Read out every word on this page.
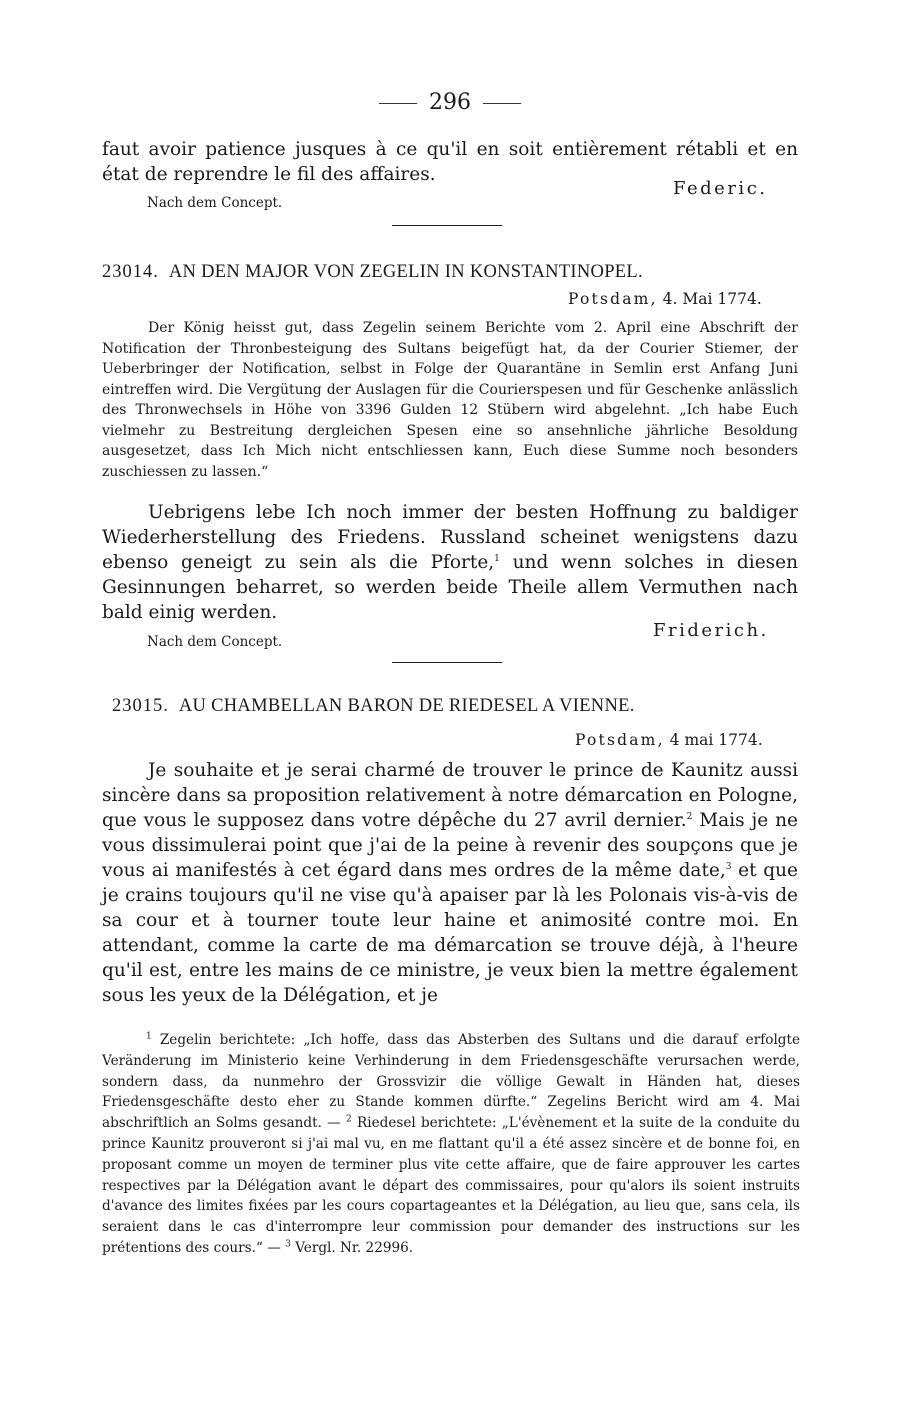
296

faut avoir patience jusques à ce qu'il en soit entièrement rétabli et en état de reprendre le fil des affaires.

Federic.
Nach dem Concept.
23014. AN DEN MAJOR VON ZEGELIN IN KONSTANTINOPEL.
Potsdam, 4. Mai 1774.
Der König heisst gut, dass Zegelin seinem Berichte vom 2. April eine Abschrift der Notification der Thronbesteigung des Sultans beigefügt hat, da der Courier Stiemer, der Ueberbringer der Notification, selbst in Folge der Quarantäne in Semlin erst Anfang Juni eintreffen wird. Die Vergütung der Auslagen für die Courierspesen und für Geschenke anlässlich des Thronwechsels in Höhe von 3396 Gulden 12 Stübern wird abgelehnt. „Ich habe Euch vielmehr zu Bestreitung dergleichen Spesen eine so ansehnliche jährliche Besoldung ausgesetzet, dass Ich Mich nicht entschliessen kann, Euch diese Summe noch besonders zuschiessen zu lassen.“

Uebrigens lebe Ich noch immer der besten Hoffnung zu baldiger Wiederherstellung des Friedens. Russland scheinet wenigstens dazu ebenso geneigt zu sein als die Pforte,$^1$ und wenn solches in diesen Gesinnungen beharret, so werden beide Theile allem Vermuthen nach bald einig werden.

Friderich.
Nach dem Concept.
23015. AU CHAMBELLAN BARON DE RIEDESEL A VIENNE.
Potsdam, 4 mai 1774.

Je souhaite et je serai charmé de trouver le prince de Kaunitz aussi sincère dans sa proposition relativement à notre démarcation en Pologne, que vous le supposez dans votre dépêche du 27 avril dernier.$^2$ Mais je ne vous dissimulerai point que j'ai de la peine à revenir des soupçons que je vous ai manifestés à cet égard dans mes ordres de la même date,$^3$ et que je crains toujours qu'il ne vise qu'à apaiser par là les Polonais vis-à-vis de sa cour et à tourner toute leur haine et animosité contre moi. En attendant, comme la carte de ma démarcation se trouve déjà, à l'heure qu'il est, entre les mains de ce ministre, je veux bien la mettre également sous les yeux de la Délégation, et je

$^1$ Zegelin berichtete: „Ich hoffe, dass das Absterben des Sultans und die darauf erfolgte Veränderung im Ministerio keine Verhinderung in dem Friedensgeschäfte verursachen werde, sondern dass, da nunmehro der Grossvizir die völlige Gewalt in Händen hat, dieses Friedensgeschäfte desto eher zu Stande kommen dürfte.“ Zegelins Bericht wird am 4. Mai abschriftlich an Solms gesandt. — $^2$ Riedesel berichtete: „L'évènement et la suite de la conduite du prince Kaunitz prouveront si j'ai mal vu, en me flattant qu'il a été assez sincère et de bonne foi, en proposant comme un moyen de terminer plus vite cette affaire, que de faire approuver les cartes respectives par la Délégation avant le départ des commissaires, pour qu'alors ils soient instruits d'avance des limites fixées par les cours copartageantes et la Délégation, au lieu que, sans cela, ils seraient dans le cas d'interrompre leur commission pour demander des instructions sur les prétentions des cours.“ — $^3$ Vergl. Nr. 22996.
